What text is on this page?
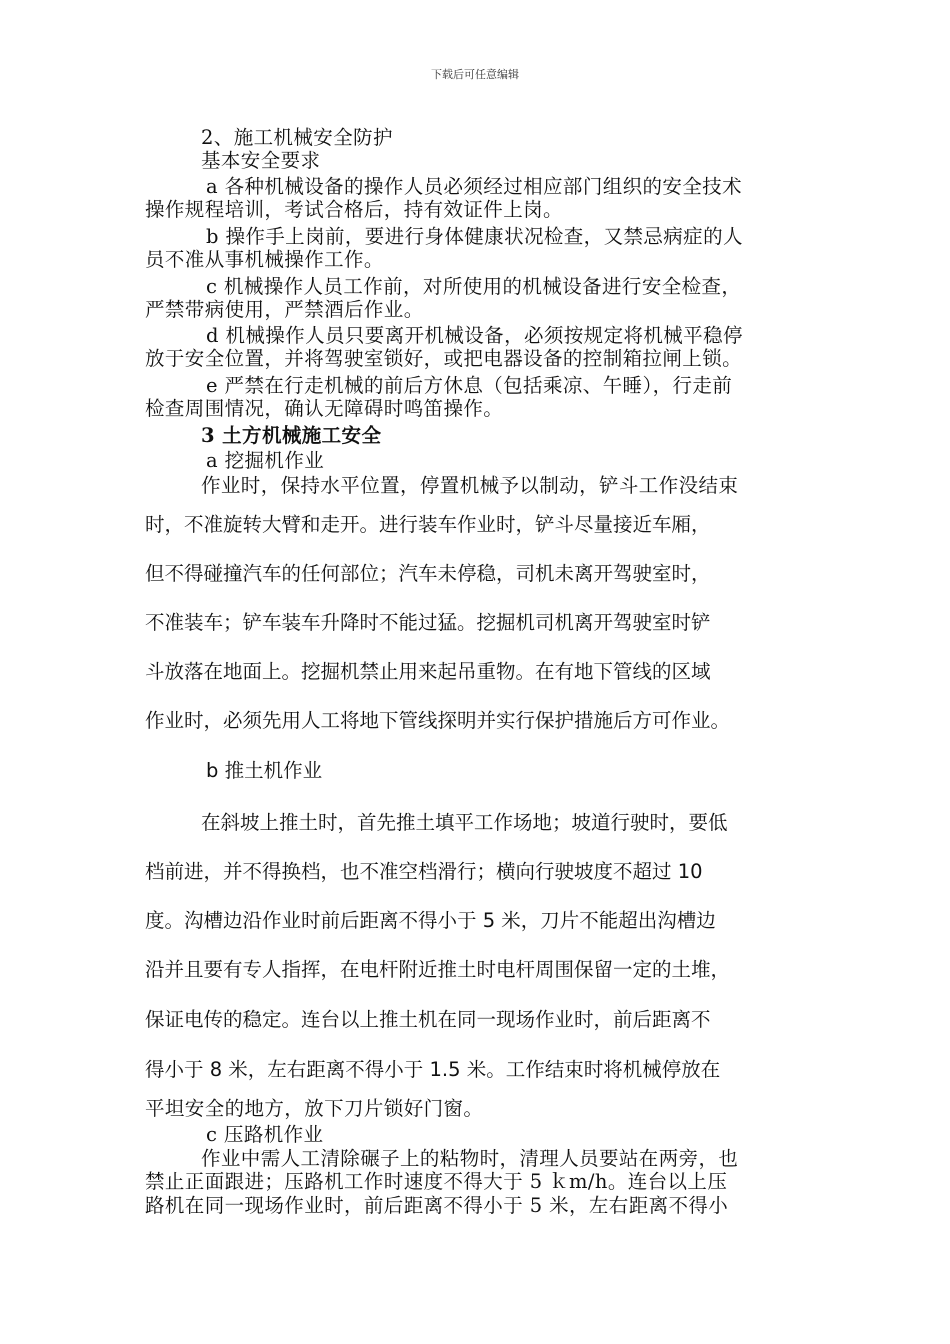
下载后可任意编辑

2、施工机械安全防护

基本安全要求

a 各种机械设备的操作人员必须经过相应部门组织的安全技术

操作规程培训，考试合格后，持有效证件上岗。

b 操作手上岗前，要进行身体健康状况检查，又禁忌病症的人

员不准从事机械操作工作。

c 机械操作人员工作前，对所使用的机械设备进行安全检查，

严禁带病使用，严禁酒后作业。

d 机械操作人员只要离开机械设备，必须按规定将机械平稳停

放于安全位置，并将驾驶室锁好，或把电器设备的控制箱拉闸上锁。

e 严禁在行走机械的前后方休息（包括乘凉、午睡），行走前

检查周围情况，确认无障碍时鸣笛操作。

3 土方机械施工安全

a 挖掘机作业

作业时，保持水平位置，停置机械予以制动，铲斗工作没结束

时，不准旋转大臂和走开。进行装车作业时，铲斗尽量接近车厢，

但不得碰撞汽车的任何部位；汽车未停稳，司机未离开驾驶室时，

不准装车；铲车装车升降时不能过猛。挖掘机司机离开驾驶室时铲

斗放落在地面上。挖掘机禁止用来起吊重物。在有地下管线的区域

作业时，必须先用人工将地下管线探明并实行保护措施后方可作业。

b 推土机作业

在斜坡上推土时，首先推土填平工作场地；坡道行驶时，要低

档前进，并不得换档，也不准空档滑行；横向行驶坡度不超过 10

度。沟槽边沿作业时前后距离不得小于 5 米，刀片不能超出沟槽边

沿并且要有专人指挥，在电杆附近推土时电杆周围保留一定的土堆，

保证电传的稳定。连台以上推土机在同一现场作业时，前后距离不

得小于 8 米，左右距离不得小于 1.5 米。工作结束时将机械停放在

平坦安全的地方，放下刀片锁好门窗。

c 压路机作业

作业中需人工清除碾子上的粘物时，清理人员要站在两旁，也

禁止正面跟进；压路机工作时速度不得大于 5 ｋm/h。连台以上压

路机在同一现场作业时，前后距离不得小于 5 米，左右距离不得小
